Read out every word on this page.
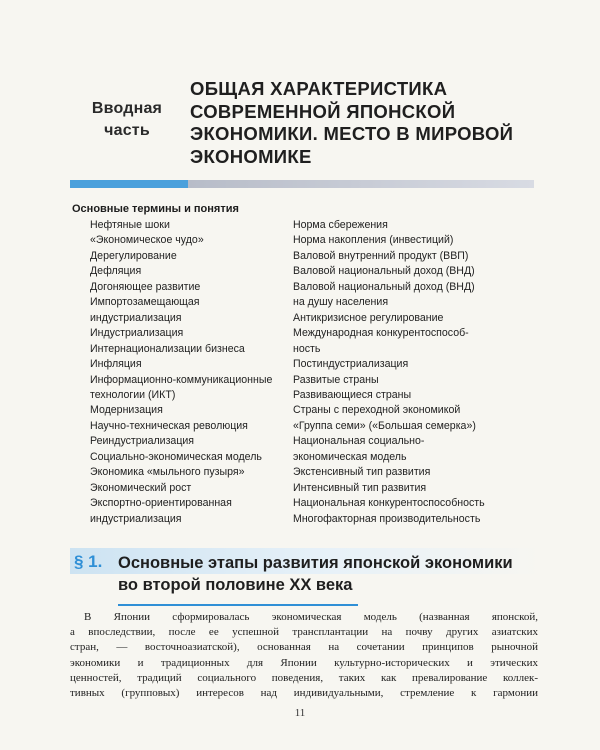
Вводная
часть
ОБЩАЯ ХАРАКТЕРИСТИКА
СОВРЕМЕННОЙ ЯПОНСКОЙ
ЭКОНОМИКИ. МЕСТО В МИРОВОЙ
ЭКОНОМИКЕ
Основные термины и понятия
Нефтяные шоки
«Экономическое чудо»
Дерегулирование
Дефляция
Догоняющее развитие
Импортозамещающая
индустриализация
Индустриализация
Интернационализации бизнеса
Инфляция
Информационно-коммуникационные
технологии (ИКТ)
Модернизация
Научно-техническая революция
Реиндустриализация
Социально-экономическая модель
Экономика «мыльного пузыря»
Экономический рост
Экспортно-ориентированная
индустриализация
Норма сбережения
Норма накопления (инвестиций)
Валовой внутренний продукт (ВВП)
Валовой национальный доход (ВНД)
Валовой национальный доход (ВНД)
на душу населения
Антикризисное регулирование
Международная конкурентоспособ-
ность
Постиндустриализация
Развитые страны
Развивающиеся страны
Страны с переходной экономикой
«Группа семи» («Большая семерка»)
Национальная социально-
экономическая модель
Экстенсивный тип развития
Интенсивный тип развития
Национальная конкурентоспособность
Многофакторная производительность
§ 1. Основные этапы развития японской экономики
во второй половине XX века
В Японии сформировалась экономическая модель (названная японской,
а впоследствии, после ее успешной трансплантации на почву других азиатских
стран, — восточноазиатской), основанная на сочетании принципов рыночной
экономики и традиционных для Японии культурно-исторических и этических
ценностей, традиций социального поведения, таких как превалирование коллек-
тивных (групповых) интересов над индивидуальными, стремление к гармонии
11
